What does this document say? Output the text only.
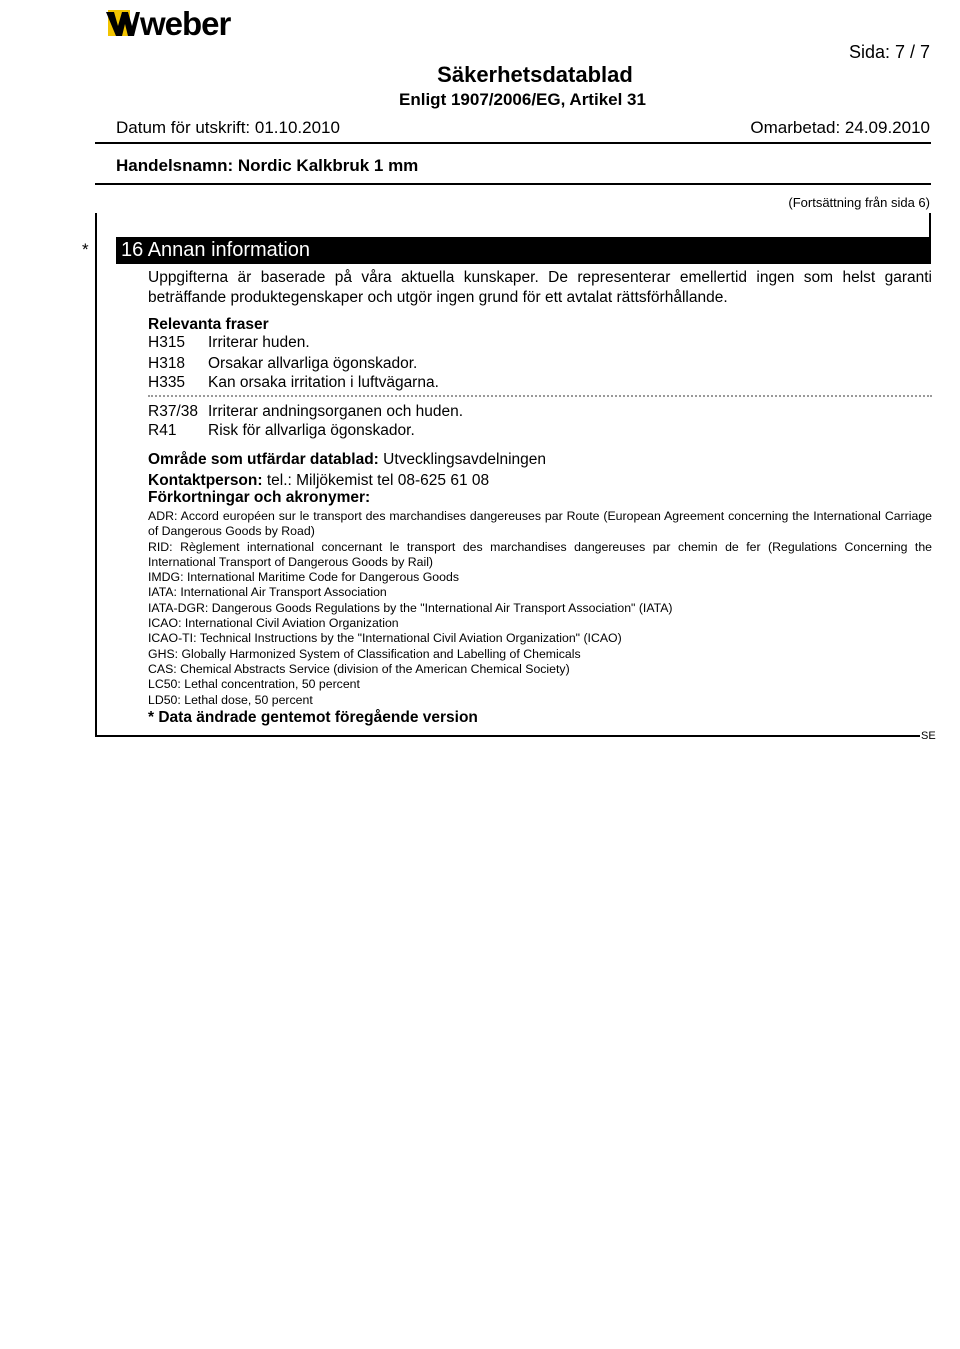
weber
Sida: 7 / 7
Säkerhetsdatablad
Enligt 1907/2006/EG, Artikel 31
Datum för utskrift: 01.10.2010	Omarbetad: 24.09.2010
Handelsnamn: Nordic Kalkbruk 1 mm
(Fortsättning från sida 6)
* 16 Annan information
Uppgifterna är baserade på våra aktuella kunskaper. De representerar emellertid ingen som helst garanti beträffande produktegenskaper och utgör ingen grund för ett avtalat rättsförhållande.
Relevanta fraser
H315 Irriterar huden.
H318 Orsakar allvarliga ögonskador.
H335 Kan orsaka irritation i luftvägarna.
R37/38 Irriterar andningsorganen och huden.
R41 Risk för allvarliga ögonskador.
Område som utfärdar datablad: Utvecklingsavdelningen
Kontaktperson: tel.: Miljökemist tel 08-625 61 08
Förkortningar och akronymer:
ADR: Accord européen sur le transport des marchandises dangereuses par Route (European Agreement concerning the International Carriage of Dangerous Goods by Road)
RID: Règlement international concernant le transport des marchandises dangereuses par chemin de fer (Regulations Concerning the International Transport of Dangerous Goods by Rail)
IMDG: International Maritime Code for Dangerous Goods
IATA: International Air Transport Association
IATA-DGR: Dangerous Goods Regulations by the "International Air Transport Association" (IATA)
ICAO: International Civil Aviation Organization
ICAO-TI: Technical Instructions by the "International Civil Aviation Organization" (ICAO)
GHS: Globally Harmonized System of Classification and Labelling of Chemicals
CAS: Chemical Abstracts Service (division of the American Chemical Society)
LC50: Lethal concentration, 50 percent
LD50: Lethal dose, 50 percent
* Data ändrade gentemot föregående version
SE
